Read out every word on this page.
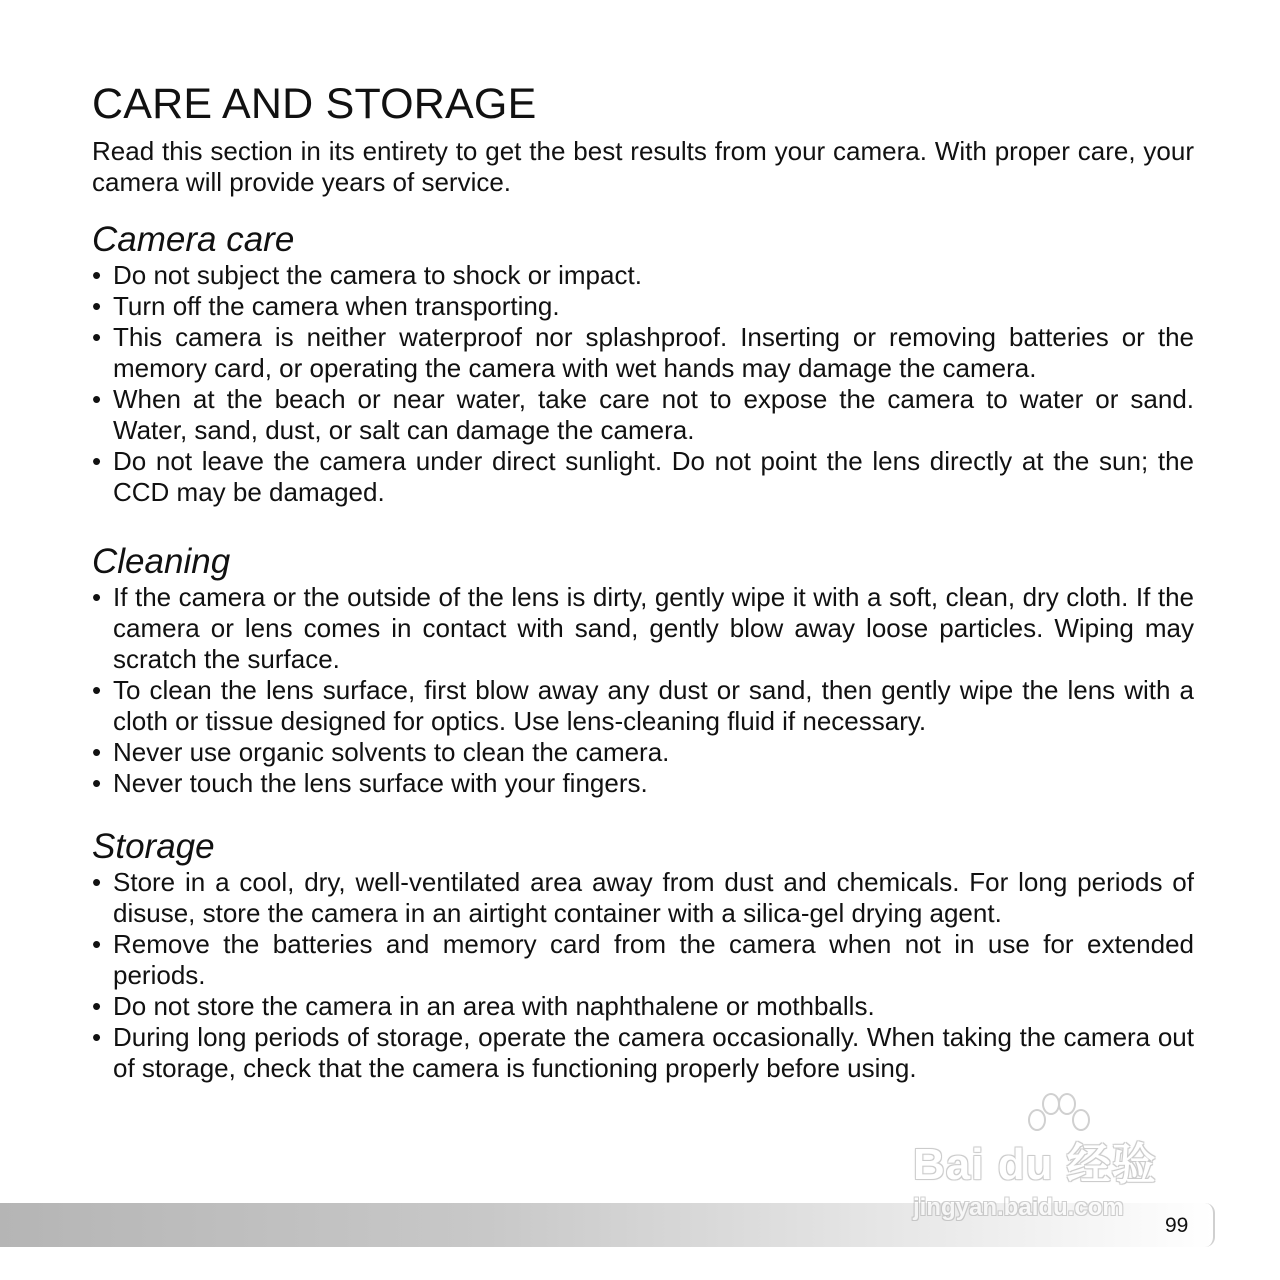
CARE AND STORAGE

Read this section in its entirety to get the best results from your camera. With proper care, your camera will provide years of service.

Camera care
• Do not subject the camera to shock or impact.
• Turn off the camera when transporting.
• This camera is neither waterproof nor splashproof. Inserting or removing batteries or the memory card, or operating the camera with wet hands may damage the camera.
• When at the beach or near water, take care not to expose the camera to water or sand. Water, sand, dust, or salt can damage the camera.
• Do not leave the camera under direct sunlight. Do not point the lens directly at the sun; the CCD may be damaged.
Cleaning
• If the camera or the outside of the lens is dirty, gently wipe it with a soft, clean, dry cloth. If the camera or lens comes in contact with sand, gently blow away loose particles. Wiping may scratch the surface.
• To clean the lens surface, first blow away any dust or sand, then gently wipe the lens with a cloth or tissue designed for optics. Use lens-cleaning fluid if necessary.
• Never use organic solvents to clean the camera.
• Never touch the lens surface with your fingers.
Storage
• Store in a cool, dry, well-ventilated area away from dust and chemicals. For long periods of disuse, store the camera in an airtight container with a silica-gel drying agent.
• Remove the batteries and memory card from the camera when not in use for extended periods.
• Do not store the camera in an area with naphthalene or mothballs.
• During long periods of storage, operate the camera occasionally. When taking the camera out of storage, check that the camera is functioning properly before using.
99
Bai du 经验
jingyan.baidu.com
